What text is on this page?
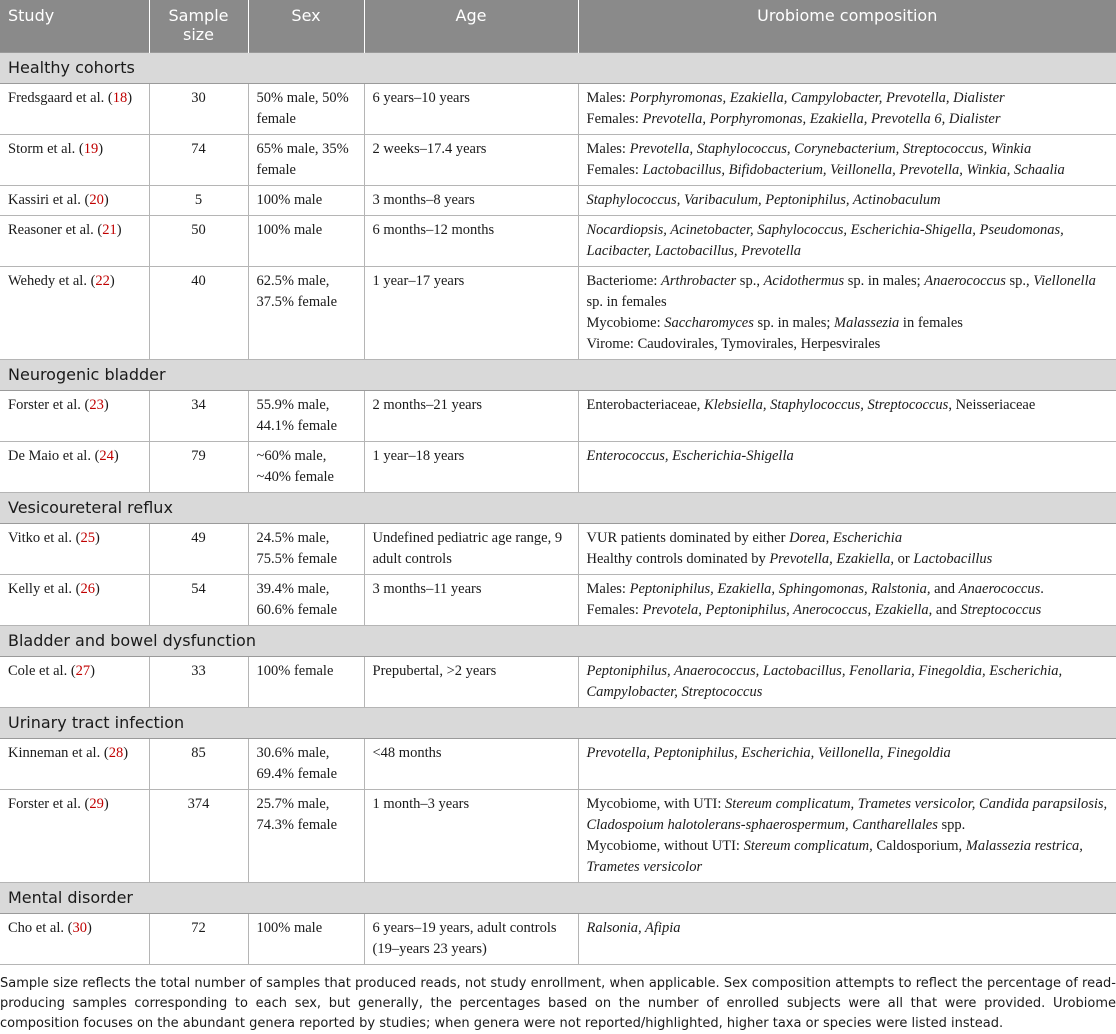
Study	Sample size	Sex	Age	Urobiome composition
Healthy cohorts				
Fredsgaard et al. (18)	30	50% male, 50% female	6 years–10 years	Males: Porphyromonas, Ezakiella, Campylobacter, Prevotella, Dialister
Females: Prevotella, Porphyromonas, Ezakiella, Prevotella 6, Dialister

Storm et al. (19)	74	65% male, 35% female	2 weeks–17.4 years	Males: Prevotella, Staphylococcus, Corynebacterium, Streptococcus, Winkia
Females: Lactobacillus, Bifidobacterium, Veillonella, Prevotella, Winkia, Schaalia

Kassiri et al. (20)	5	100% male	3 months–8 years	Staphylococcus, Varibaculum, Peptoniphilus, Actinobaculum

Reasoner et al. (21)	50	100% male	6 months–12 months	Nocardiopsis, Acinetobacter, Saphylococcus, Escherichia-Shigella, Pseudomonas, Lacibacter, Lactobacillus, Prevotella

Wehedy et al. (22)	40	62.5% male, 37.5% female	1 year–17 years	Bacteriome: Arthrobacter sp., Acidothermus sp. in males; Anaerococcus sp., Viellonella sp. in females
Mycobiome: Saccharomyces sp. in males; Malassezia in females
Virome: Caudovirales, Tymovirales, Herpesvirales

Neurogenic bladder				
Forster et al. (23)	34	55.9% male, 44.1% female	2 months–21 years	Enterobacteriaceae, Klebsiella, Staphylococcus, Streptococcus, Neisseriaceae

De Maio et al. (24)	79	~60% male, ~40% female	1 year–18 years	Enterococcus, Escherichia-Shigella

Vesicoureteral reflux				
Vitko et al. (25)	49	24.5% male, 75.5% female	Undefined pediatric age range, 9 adult controls	VUR patients dominated by either Dorea, Escherichia
Healthy controls dominated by Prevotella, Ezakiella, or Lactobacillus

Kelly et al. (26)	54	39.4% male, 60.6% female	3 months–11 years	Males: Peptoniphilus, Ezakiella, Sphingomonas, Ralstonia, and Anaerococcus.
Females: Prevotela, Peptoniphilus, Anerococcus, Ezakiella, and Streptococcus

Bladder and bowel dysfunction				
Cole et al. (27)	33	100% female	Prepubertal, >2 years	Peptoniphilus, Anaerococcus, Lactobacillus, Fenollaria, Finegoldia, Escherichia, Campylobacter, Streptococcus

Urinary tract infection				
Kinneman et al. (28)	85	30.6% male, 69.4% female	<48 months	Prevotella, Peptoniphilus, Escherichia, Veillonella, Finegoldia

Forster et al. (29)	374	25.7% male, 74.3% female	1 month–3 years	Mycobiome, with UTI: Stereum complicatum, Trametes versicolor, Candida parapsilosis, Cladospoium halotolerans-sphaerospermum, Cantharellales spp.
Mycobiome, without UTI: Stereum complicatum, Caldosporium, Malassezia restrica, Trametes versicolor

Mental disorder				
Cho et al. (30)	72	100% male	6 years–19 years, adult controls (19–years 23 years)	Ralsonia, Afipia
Sample size reflects the total number of samples that produced reads, not study enrollment, when applicable. Sex composition attempts to reflect the percentage of read-producing samples corresponding to each sex, but generally, the percentages based on the number of enrolled subjects were all that were provided. Urobiome composition focuses on the abundant genera reported by studies; when genera were not reported/highlighted, higher taxa or species were listed instead.
